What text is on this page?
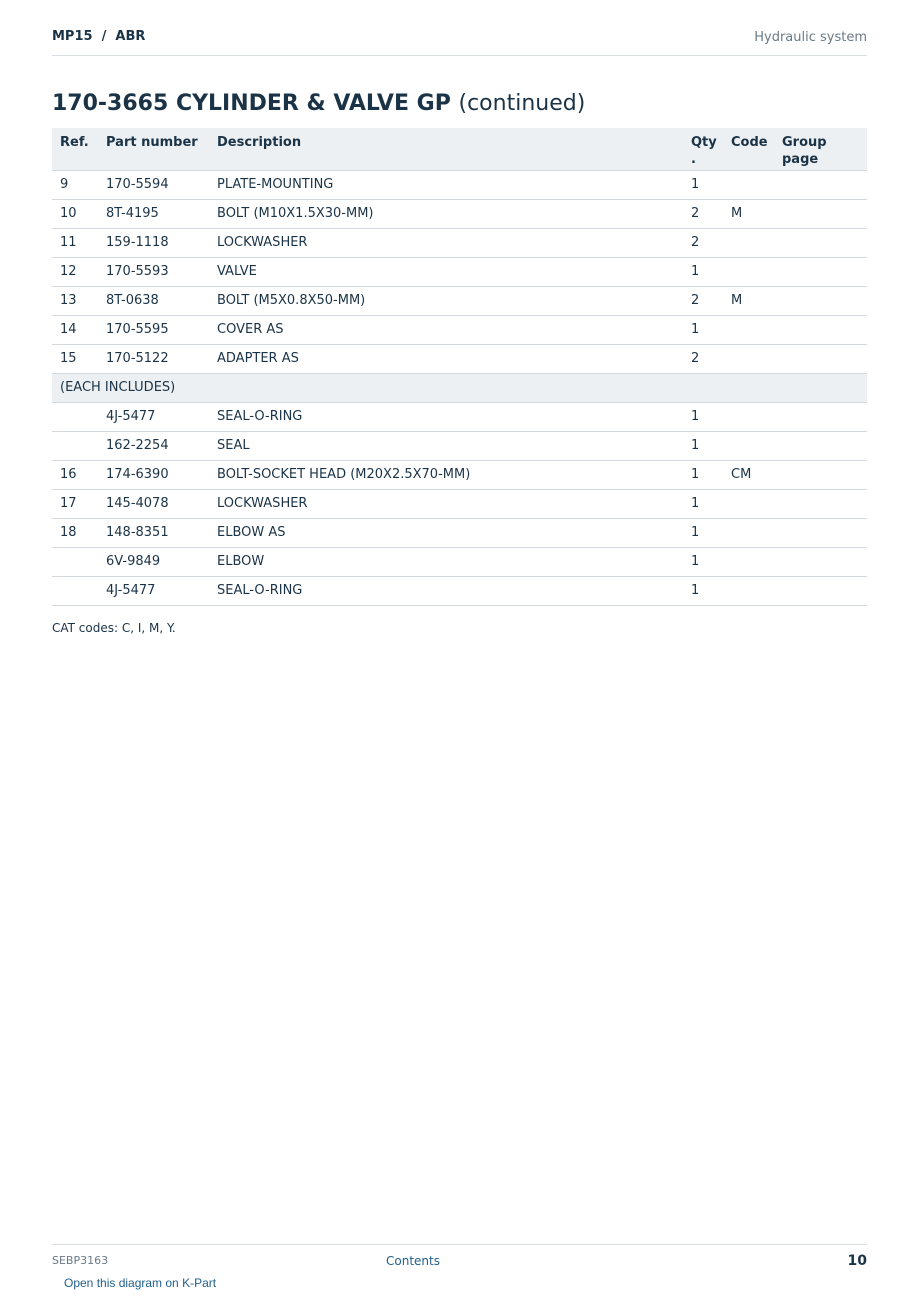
MP15  /  ABR	Hydraulic system
170-3665 CYLINDER & VALVE GP (continued)
Ref.	Part number	Description	Qty .	Code	Group page
9	170-5594	PLATE-MOUNTING	1		
10	8T-4195	BOLT (M10X1.5X30-MM)	2	M	
11	159-1118	LOCKWASHER	2		
12	170-5593	VALVE	1		
13	8T-0638	BOLT (M5X0.8X50-MM)	2	M	
14	170-5595	COVER AS	1		
15	170-5122	ADAPTER AS	2		
(EACH INCLUDES)					
	4J-5477	SEAL-O-RING	1		
	162-2254	SEAL	1		
16	174-6390	BOLT-SOCKET HEAD (M20X2.5X70-MM)	1	CM	
17	145-4078	LOCKWASHER	1		
18	148-8351	ELBOW AS	1		
	6V-9849	ELBOW	1		
	4J-5477	SEAL-O-RING	1		
CAT codes: C, I, M, Y.
SEBP3163	Contents	10
Open this diagram on K-Part
